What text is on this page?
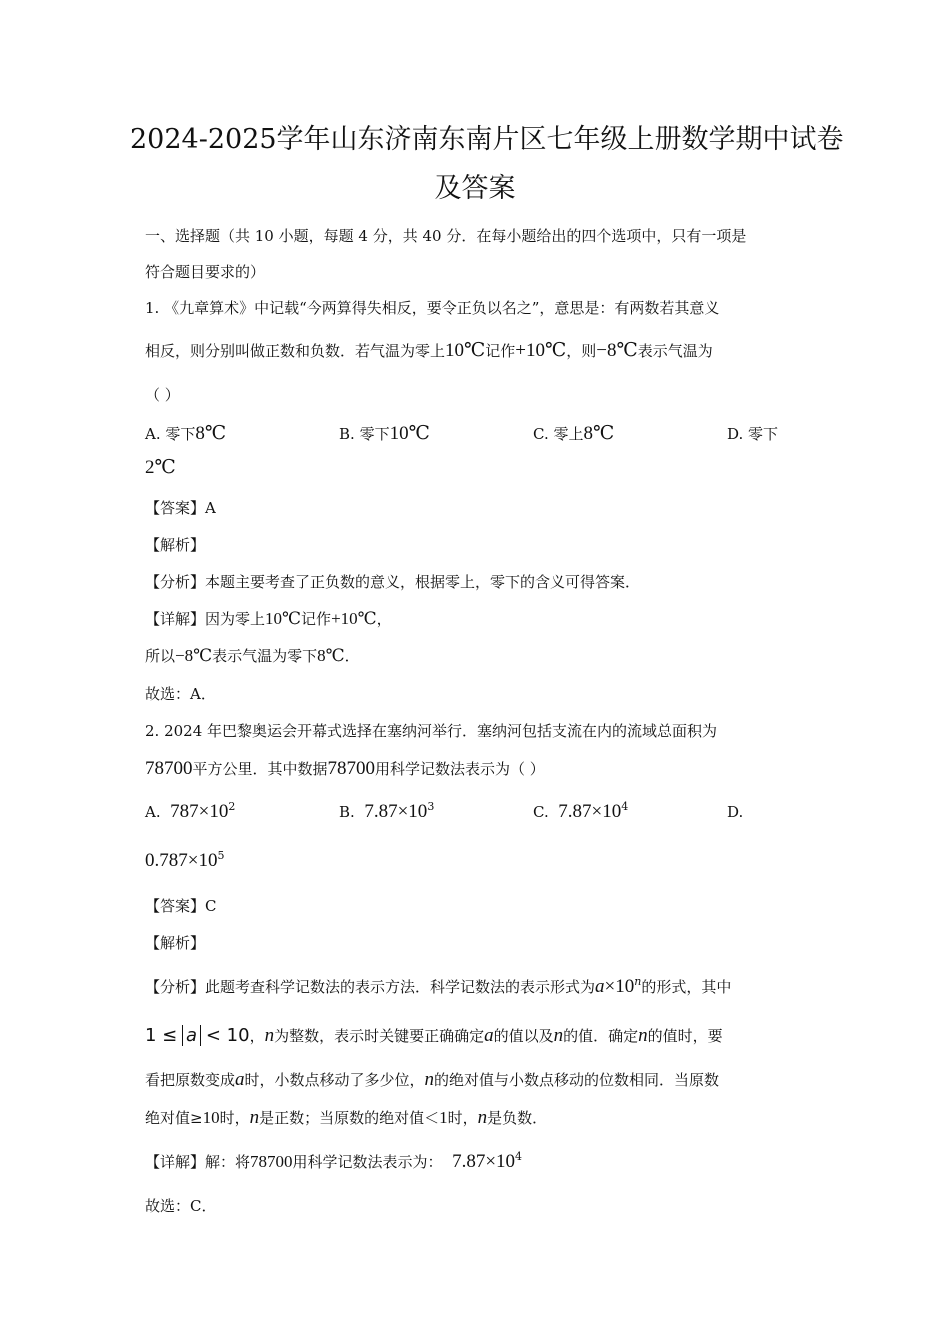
2024-2025学年山东济南东南片区七年级上册数学期中试卷
及答案
一、选择题（共 10 小题，每题 4 分，共 40 分．在每小题给出的四个选项中，只有一项是
符合题目要求的）
1. 《九章算术》中记载“今两算得失相反，要令正负以名之”，意思是：有两数若其意义
相反，则分别叫做正数和负数．若气温为零上10℃记作+10℃，则−8℃表示气温为
（ ）
A. 零下8℃	B. 零下10℃	C. 零上8℃	D. 零下
2℃
【答案】A
【解析】
【分析】本题主要考查了正负数的意义，根据零上，零下的含义可得答案．
【详解】因为零上10℃记作+10℃，
所以−8℃表示气温为零下8℃．
故选：A．
2. 2024 年巴黎奥运会开幕式选择在塞纳河举行．塞纳河包括支流在内的流域总面积为
78700平方公里．其中数据78700用科学记数法表示为（ ）
A. $787\times 10^2$	B. $7.87\times 10^3$	C. $7.87\times 10^4$	D.
$0.787\times 10^5$
【答案】C
【解析】
【分析】此题考查科学记数法的表示方法．科学记数法的表示形式为$a\times 10^n$的形式，其中
1 ≤ a < 10，n为整数，表示时关键要正确确定a的值以及n的值．确定n的值时，要
看把原数变成a时，小数点移动了多少位，n的绝对值与小数点移动的位数相同．当原数
绝对值≥10时，n是正数；当原数的绝对值＜1时，n是负数．
【详解】解：将78700用科学记数法表示为： $7.87\times 10^4$
故选：C．
